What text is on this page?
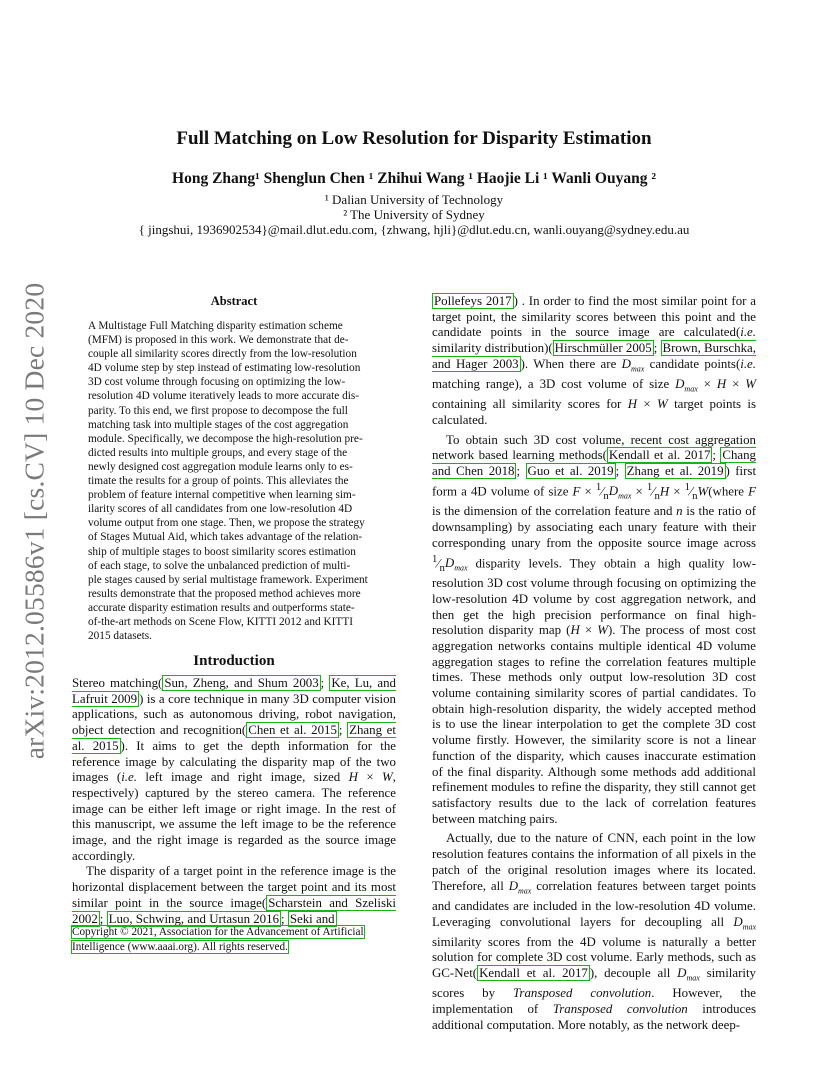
arXiv:2012.05586v1 [cs.CV] 10 Dec 2020
Full Matching on Low Resolution for Disparity Estimation
Hong Zhang¹ Shenglun Chen ¹ Zhihui Wang ¹ Haojie Li ¹ Wanli Ouyang ²
¹ Dalian University of Technology
² The University of Sydney
{ jingshui, 1936902534}@mail.dlut.edu.com, {zhwang, hjli}@dlut.edu.cn, wanli.ouyang@sydney.edu.au
Abstract
A Multistage Full Matching disparity estimation scheme
(MFM) is proposed in this work. We demonstrate that de-
couple all similarity scores directly from the low-resolution
4D volume step by step instead of estimating low-resolution
3D cost volume through focusing on optimizing the low-
resolution 4D volume iteratively leads to more accurate dis-
parity. To this end, we first propose to decompose the full
matching task into multiple stages of the cost aggregation
module. Specifically, we decompose the high-resolution pre-
dicted results into multiple groups, and every stage of the
newly designed cost aggregation module learns only to es-
timate the results for a group of points. This alleviates the
problem of feature internal competitive when learning sim-
ilarity scores of all candidates from one low-resolution 4D
volume output from one stage. Then, we propose the strategy
of Stages Mutual Aid, which takes advantage of the relation-
ship of multiple stages to boost similarity scores estimation
of each stage, to solve the unbalanced prediction of multi-
ple stages caused by serial multistage framework. Experiment
results demonstrate that the proposed method achieves more
accurate disparity estimation results and outperforms state-
of-the-art methods on Scene Flow, KITTI 2012 and KITTI
2015 datasets.
Introduction

Stereo matching( Sun, Zheng, and Shum 2003 ; Ke, Lu, and Lafruit 2009 ) is a core technique in many 3D computer vision applications, such as autonomous driving, robot navigation, object detection and recognition( Chen et al. 2015 ; Zhang et al. 2015 ). It aims to get the depth information for the reference image by calculating the disparity map of the two images (i.e. left image and right image, sized H × W, respectively) captured by the stereo camera. The reference image can be either left image or right image. In the rest of this manuscript, we assume the left image to be the reference image, and the right image is regarded as the source image accordingly.

The disparity of a target point in the reference image is the horizontal displacement between the target point and its most similar point in the source image( Scharstein and Szeliski 2002 ; Luo, Schwing, and Urtasun 2016 ; Seki and

Copyright © 2021, Association for the Advancement of Artificial
Intelligence (www.aaai.org). All rights reserved.

Pollefeys 2017 ) . In order to find the most similar point for a target point, the similarity scores between this point and the candidate points in the source image are calculated(i.e. similarity distribution)( Hirschmüller 2005 ; Brown, Burschka, and Hager 2003 ). When there are $D_{max}$ candidate points(i.e. matching range), a 3D cost volume of size $D_{max} \times H \times W$ containing all similarity scores for H × W target points is calculated.

To obtain such 3D cost volume, recent cost aggregation network based learning methods( Kendall et al. 2017 ; Chang and Chen 2018 ; Guo et al. 2019 ; Zhang et al. 2019 ) first form a 4D volume of size $F \times ^1⁄_nD_{max}$ × $^1⁄_nH$ × $^1⁄_nW(where$ F is the dimension of the correlation feature and n is the ratio of downsampling) by associating each unary feature with their corresponding unary from the opposite source image across $^1⁄_nD_{max}$ disparity levels. They obtain a high quality low-resolution 3D cost volume through focusing on optimizing the low-resolution 4D volume by cost aggregation network, and then get the high precision performance on final high-resolution disparity map (H × W). The process of most cost aggregation networks contains multiple identical 4D volume aggregation stages to refine the correlation features multiple times. These methods only output low-resolution 3D cost volume containing similarity scores of partial candidates. To obtain high-resolution disparity, the widely accepted method is to use the linear interpolation to get the complete 3D cost volume firstly. However, the similarity score is not a linear function of the disparity, which causes inaccurate estimation of the final disparity. Although some methods add additional refinement modules to refine the disparity, they still cannot get satisfactory results due to the lack of correlation features between matching pairs.

Actually, due to the nature of CNN, each point in the low resolution features contains the information of all pixels in the patch of the original resolution images where its located. Therefore, all $D_{max}$ correlation features between target points and candidates are included in the low-resolution 4D volume. Leveraging convolutional layers for decoupling all $D_{max}$ similarity scores from the 4D volume is naturally a better solution for complete 3D cost volume. Early methods, such as GC-Net( Kendall et al. 2017 ), decouple all $D_{max}$ similarity scores by Transposed convolution. However, the implementation of Transposed convolution introduces additional computation. More notably, as the network deep-
